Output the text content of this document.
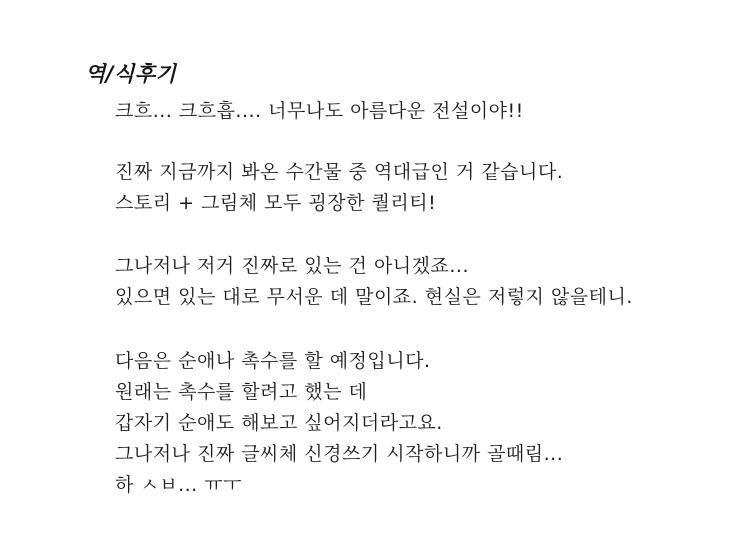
역/식후기
크흐... 크흐흡.... 너무나도 아름다운 전설이야!!
진짜 지금까지 봐온 수간물 중 역대급인 거 같습니다.
스토리 + 그림체 모두 굉장한 퀄리티!
그나저나 저거 진짜로 있는 건 아니겠죠...
있으면 있는 대로 무서운 데 말이죠. 현실은 저렇지 않을테니.
다음은 순애나 촉수를 할 예정입니다.
원래는 촉수를 할려고 했는 데
갑자기 순애도 해보고 싶어지더라고요.
그나저나 진짜 글씨체 신경쓰기 시작하니까 골때림...
하 ㅅㅂ... ㅠㅜ
